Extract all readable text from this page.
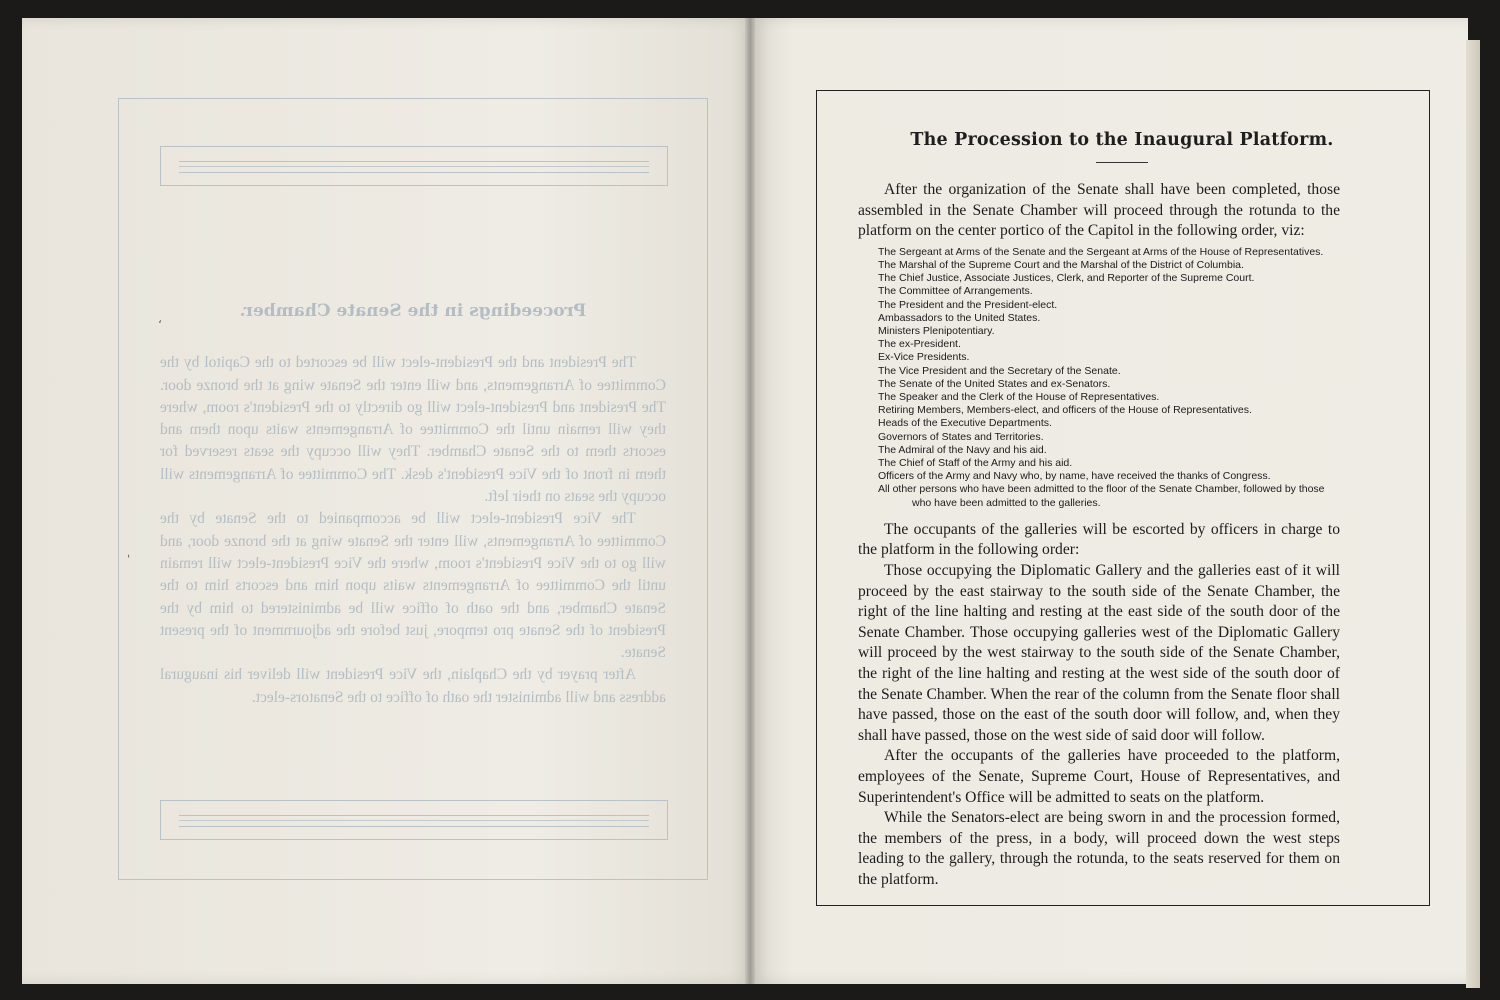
ʻ
ˌ
Proceedings in the Senate Chamber.

The President and the President-elect will be escorted to the Capitol by the Committee of Arrangements, and will enter the Senate wing at the bronze door. The President and President-elect will go directly to the President's room, where they will remain until the Committee of Arrangements waits upon them and escorts them to the Senate Chamber. They will occupy the seats reserved for them in front of the Vice President's desk. The Committee of Arrangements will occupy the seats on their left.

The Vice President-elect will be accompanied to the Senate by the Committee of Arrangements, will enter the Senate wing at the bronze door, and will go to the Vice President's room, where the Vice President-elect will remain until the Committee of Arrangements waits upon him and escorts him to the Senate Chamber, and the oath of office will be administered to him by the President of the Senate pro tempore, just before the adjournment of the present Senate.

After prayer by the Chaplain, the Vice President will deliver his inaugural address and will administer the oath of office to the Senators-elect.

The Procession to the Inaugural Platform.

After the organization of the Senate shall have been completed, those assembled in the Senate Chamber will proceed through the rotunda to the platform on the center portico of the Capitol in the following order, viz:

The Sergeant at Arms of the Senate and the Sergeant at Arms of the House of Representatives.
The Marshal of the Supreme Court and the Marshal of the District of Columbia.
The Chief Justice, Associate Justices, Clerk, and Reporter of the Supreme Court.
The Committee of Arrangements.
The President and the President-elect.
Ambassadors to the United States.
Ministers Plenipotentiary.
The ex-President.
Ex-Vice Presidents.
The Vice President and the Secretary of the Senate.
The Senate of the United States and ex-Senators.
The Speaker and the Clerk of the House of Representatives.
Retiring Members, Members-elect, and officers of the House of Representatives.
Heads of the Executive Departments.
Governors of States and Territories.
The Admiral of the Navy and his aid.
The Chief of Staff of the Army and his aid.
Officers of the Army and Navy who, by name, have received the thanks of Congress.
All other persons who have been admitted to the floor of the Senate Chamber, followed by those who have been admitted to the galleries.

The occupants of the galleries will be escorted by officers in charge to the platform in the following order:

Those occupying the Diplomatic Gallery and the galleries east of it will proceed by the east stairway to the south side of the Senate Chamber, the right of the line halting and resting at the east side of the south door of the Senate Chamber. Those occupying galleries west of the Diplomatic Gallery will proceed by the west stairway to the south side of the Senate Chamber, the right of the line halting and resting at the west side of the south door of the Senate Chamber. When the rear of the column from the Senate floor shall have passed, those on the east of the south door will follow, and, when they shall have passed, those on the west side of said door will follow.

After the occupants of the galleries have proceeded to the platform, employees of the Senate, Supreme Court, House of Representatives, and Superintendent's Office will be admitted to seats on the platform.

While the Senators-elect are being sworn in and the procession formed, the members of the press, in a body, will proceed down the west steps leading to the gallery, through the rotunda, to the seats reserved for them on the platform.
